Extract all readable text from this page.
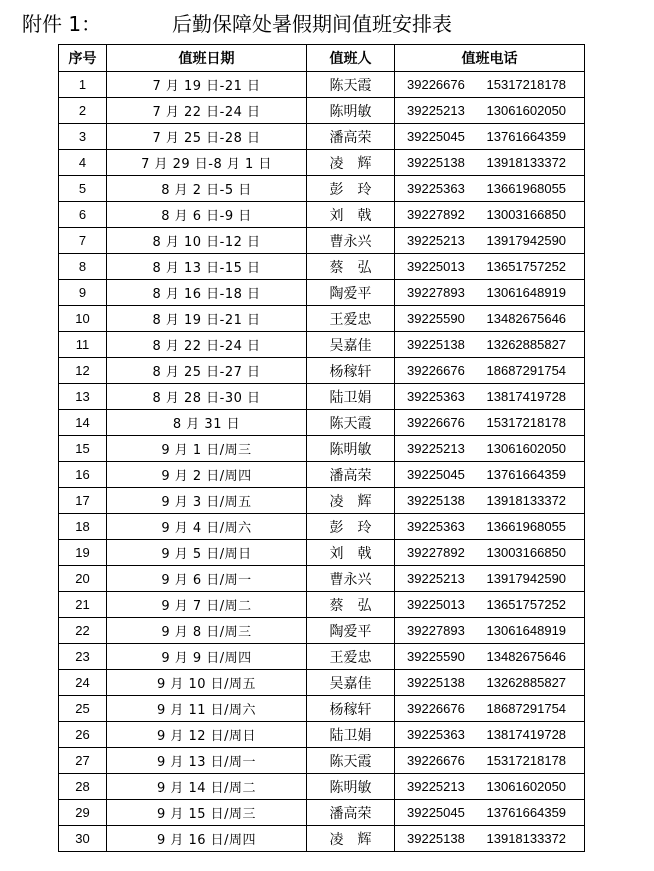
附件 1：	后勤保障处暑假期间值班安排表
序号	值班日期	值班人	值班电话	
1	7 月 19 日-21 日	陈天霞	39226676	15317218178
2	7 月 22 日-24 日	陈明敏	39225213	13061602050
3	7 月 25 日-28 日	潘高荣	39225045	13761664359
4	7 月 29 日-8 月 1 日	凌　辉	39225138	13918133372
5	8 月 2 日-5 日	彭　玲	39225363	13661968055
6	8 月 6 日-9 日	刘　戟	39227892	13003166850
7	8 月 10 日-12 日	曹永兴	39225213	13917942590
8	8 月 13 日-15 日	蔡　弘	39225013	13651757252
9	8 月 16 日-18 日	陶爱平	39227893	13061648919
10	8 月 19 日-21 日	王爱忠	39225590	13482675646
11	8 月 22 日-24 日	吴嘉佳	39225138	13262885827
12	8 月 25 日-27 日	杨稼轩	39226676	18687291754
13	8 月 28 日-30 日	陆卫娟	39225363	13817419728
14	8 月 31 日	陈天霞	39226676	15317218178
15	9 月 1 日/周三	陈明敏	39225213	13061602050
16	9 月 2 日/周四	潘高荣	39225045	13761664359
17	9 月 3 日/周五	凌　辉	39225138	13918133372
18	9 月 4 日/周六	彭　玲	39225363	13661968055
19	9 月 5 日/周日	刘　戟	39227892	13003166850
20	9 月 6 日/周一	曹永兴	39225213	13917942590
21	9 月 7 日/周二	蔡　弘	39225013	13651757252
22	9 月 8 日/周三	陶爱平	39227893	13061648919
23	9 月 9 日/周四	王爱忠	39225590	13482675646
24	9 月 10 日/周五	吴嘉佳	39225138	13262885827
25	9 月 11 日/周六	杨稼轩	39226676	18687291754
26	9 月 12 日/周日	陆卫娟	39225363	13817419728
27	9 月 13 日/周一	陈天霞	39226676	15317218178
28	9 月 14 日/周二	陈明敏	39225213	13061602050
29	9 月 15 日/周三	潘高荣	39225045	13761664359
30	9 月 16 日/周四	凌　辉	39225138	13918133372
